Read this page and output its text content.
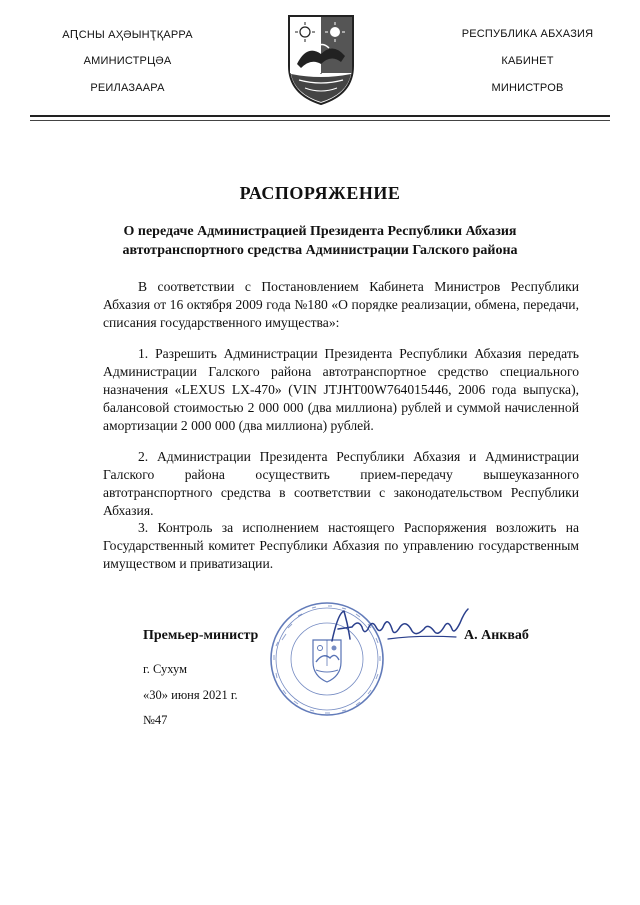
АԤСНЫ АҲӘЫНҬҚАРРА
АМИНИСТРЦӘА
РЕИЛАЗААРА
РЕСПУБЛИКА АБХАЗИЯ
КАБИНЕТ
МИНИСТРОВ
РАСПОРЯЖЕНИЕ
О передаче Администрацией Президента Республики Абхазия автотранспортного средства Администрации Галского района
В соответствии с Постановлением Кабинета Министров Республики Абхазия от 16 октября 2009 года №180 «О порядке реализации, обмена, передачи, списания государственного имущества»:
1. Разрешить Администрации Президента Республики Абхазия передать Администрации Галского района автотранспортное средство специального назначения «LEXUS LX-470» (VIN JTJHT00W764015446, 2006 года выпуска), балансовой стоимостью 2 000 000 (два миллиона) рублей и суммой начисленной амортизации 2 000 000 (два миллиона) рублей.
2. Администрации Президента Республики Абхазия и Администрации Галского района осуществить прием-передачу вышеуказанного автотранспортного средства в соответствии с законодательством Республики Абхазия.
3. Контроль за исполнением настоящего Распоряжения возложить на Государственный комитет Республики Абхазия по управлению государственным имуществом и приватизации.
Премьер-министр	А. Анкваб
г. Сухум
«30» июня 2021 г.
№47
